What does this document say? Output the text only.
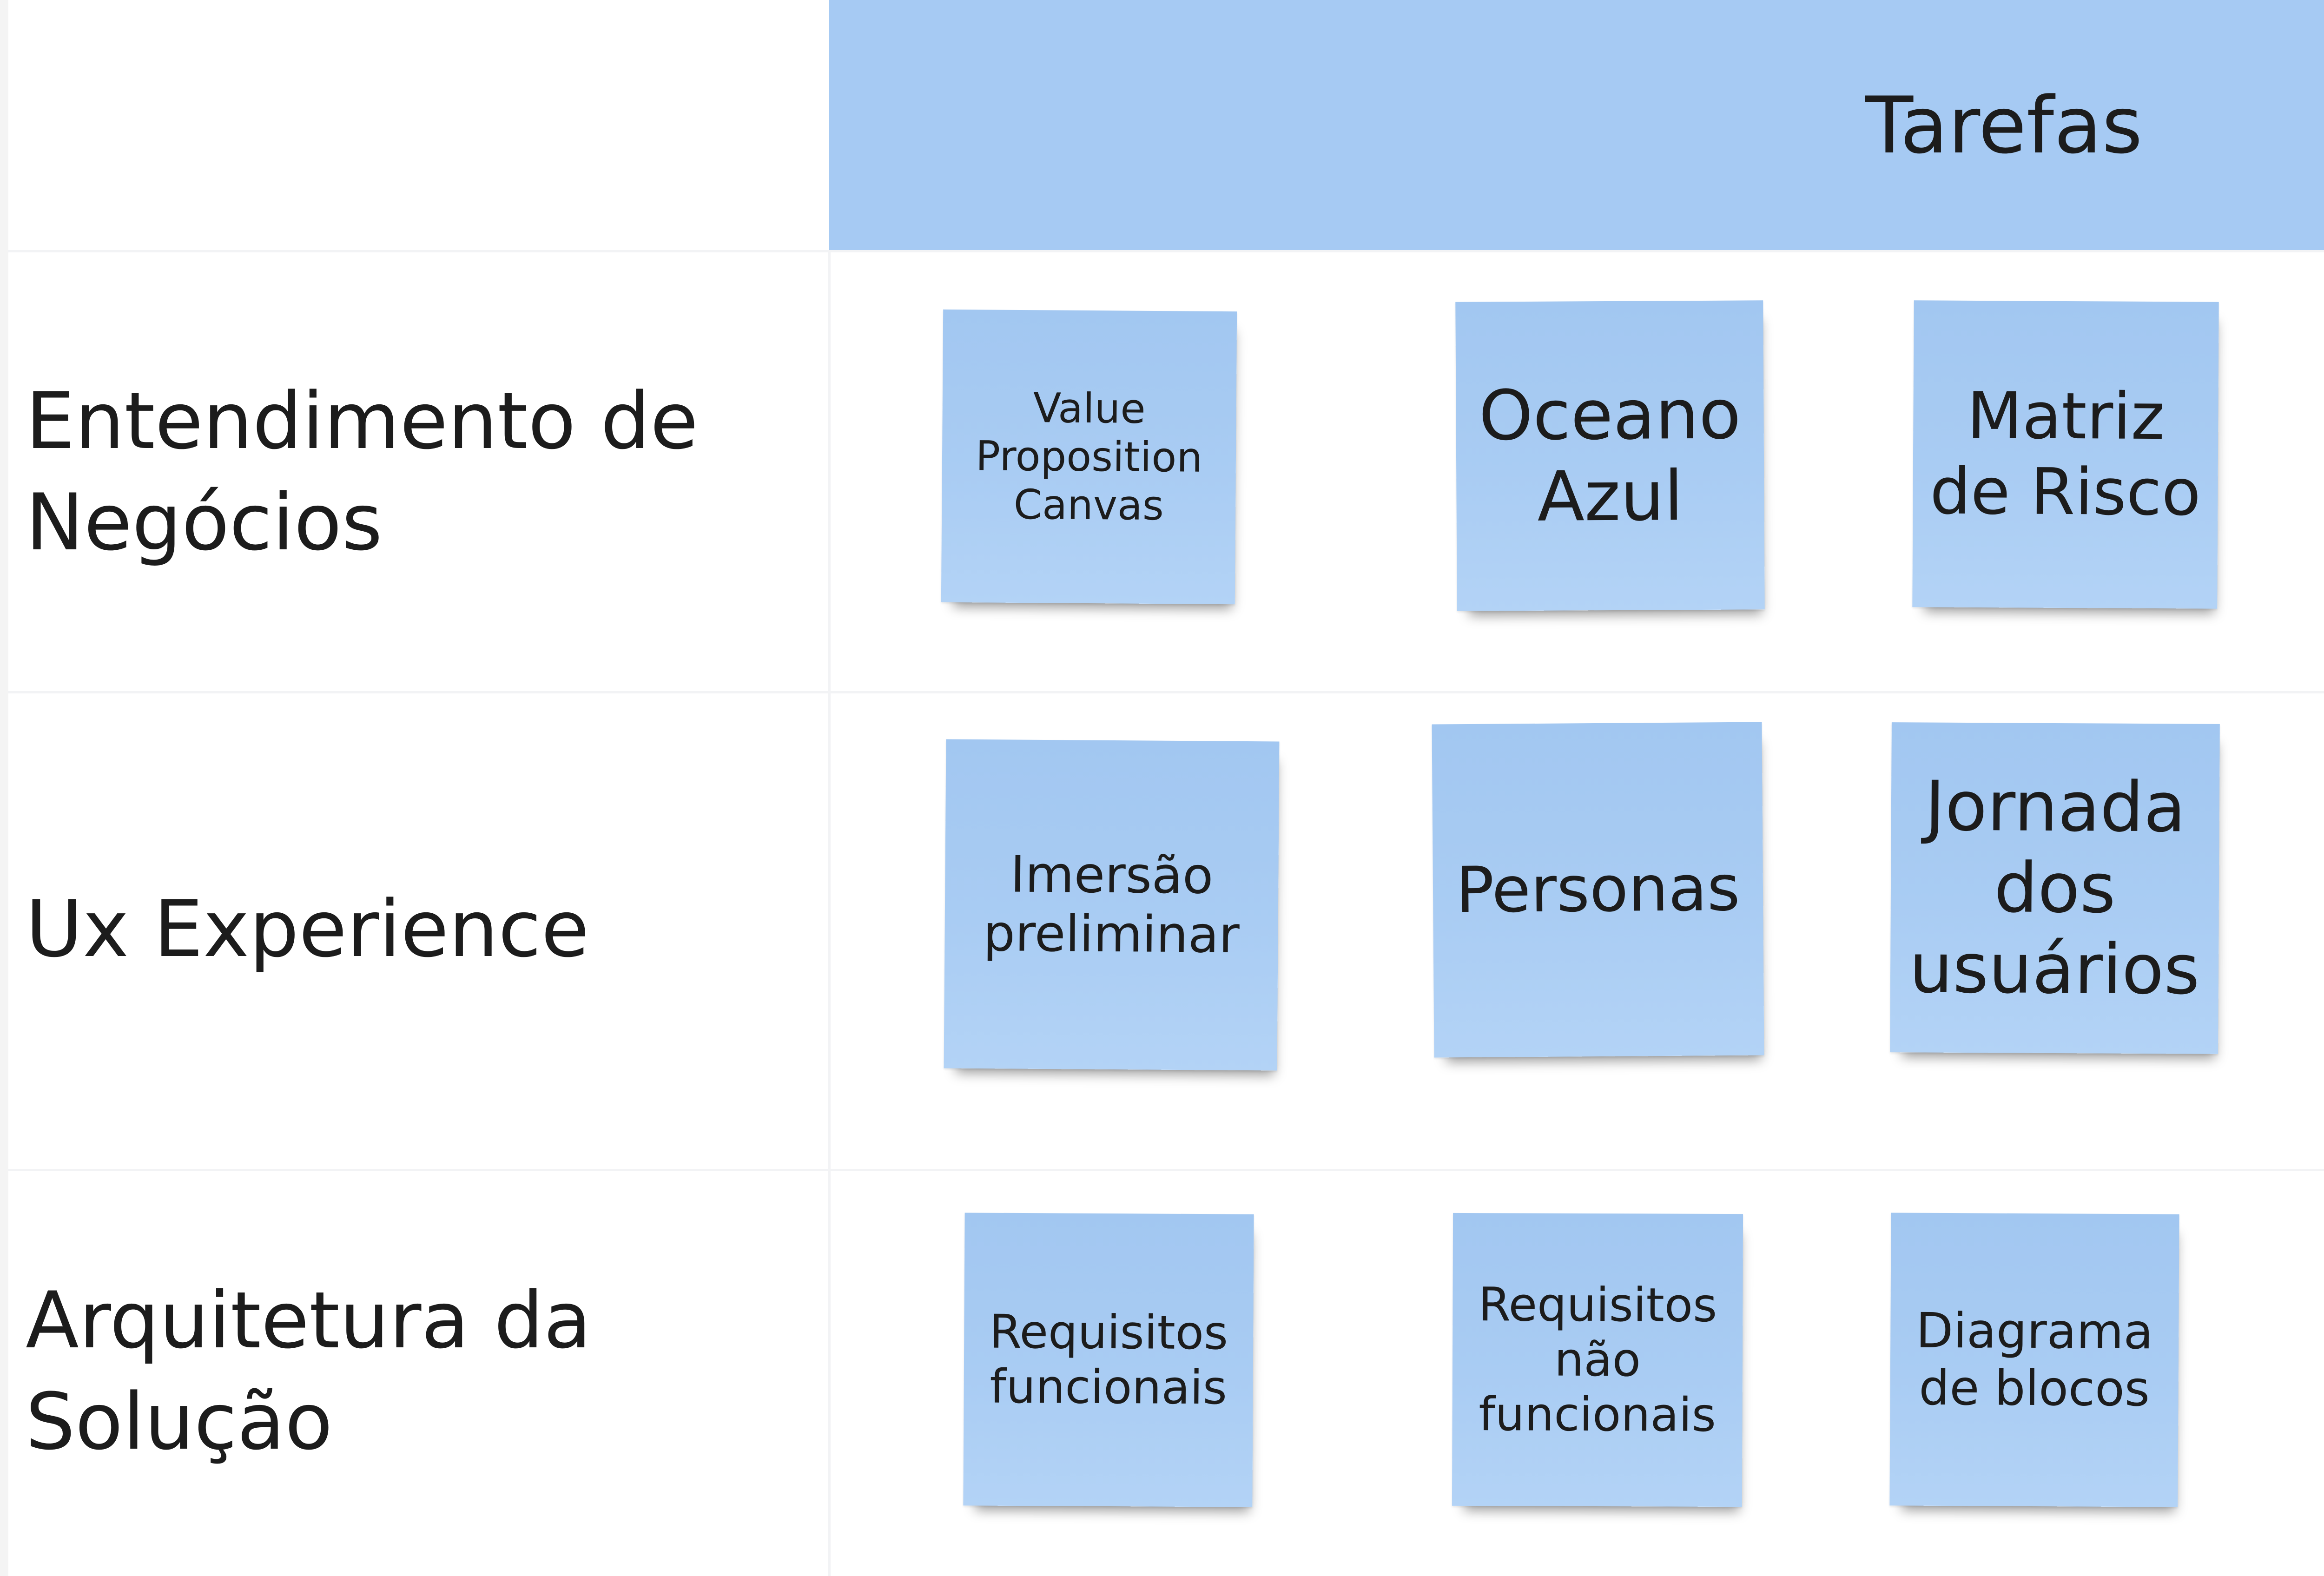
Tarefas
Entendimento de Negócios
Ux Experience
Arquitetura da Solução
Value Proposition Canvas
Oceano Azul
Matriz de Risco
Imersão preliminar
Personas
Jornada dos usuários
Requisitos funcionais
Requisitos não funcionais
Diagrama de blocos
